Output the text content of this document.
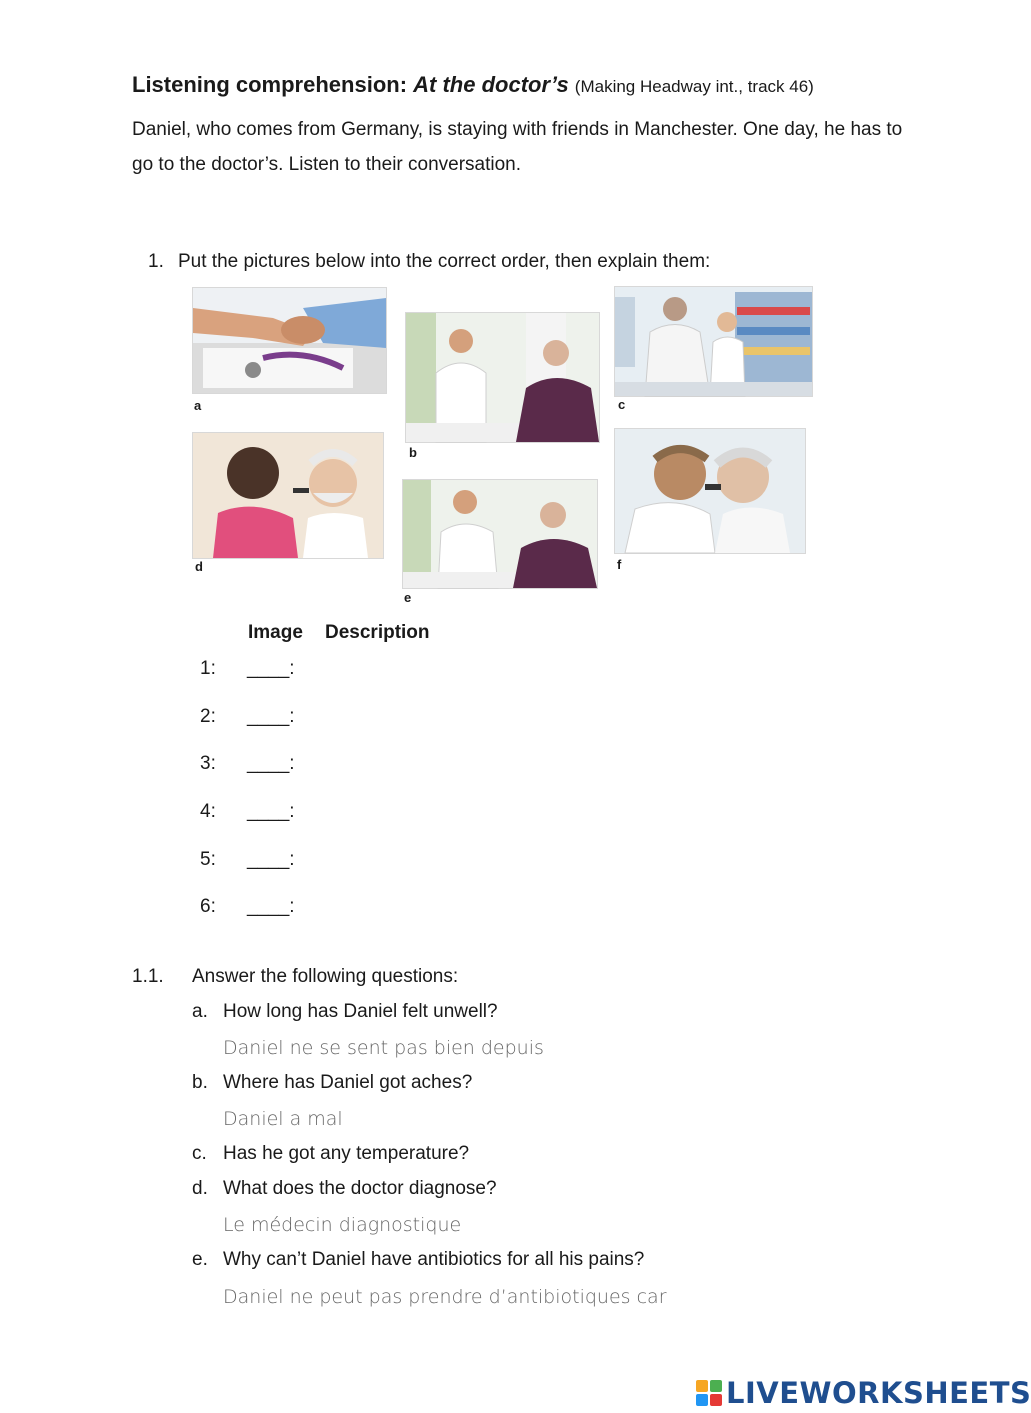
Listening comprehension: At the doctor’s (Making Headway int., track 46)
Daniel, who comes from Germany, is staying with friends in Manchester. One day, he has to go to the doctor’s. Listen to their conversation.
1. Put the pictures below into the correct order, then explain them:
a
b
c
d
e
f
Image Description
1: ____:
2: ____:
3: ____:
4: ____:
5: ____:
6: ____:
1.1. Answer the following questions:
a. How long has Daniel felt unwell?
Daniel ne se sent pas bien depuis
b. Where has Daniel got aches?
Daniel a mal
c. Has he got any temperature?
d. What does the doctor diagnose?
Le médecin diagnostique
e. Why can’t Daniel have antibiotics for all his pains?
Daniel ne peut pas prendre d’antibiotiques car
LIVEWORKSHEETS
